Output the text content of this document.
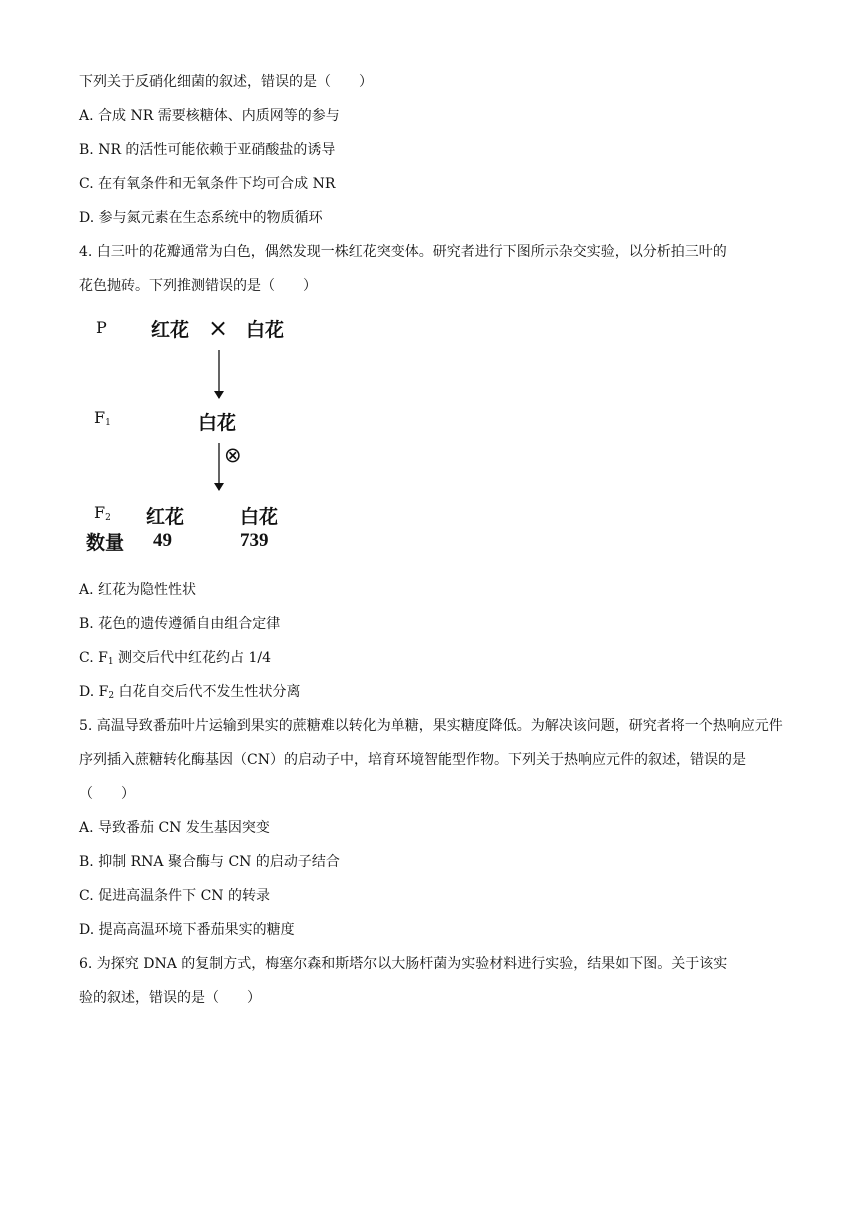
下列关于反硝化细菌的叙述，错误的是（　　）
A. 合成 NR 需要核糖体、内质网等的参与
B. NR 的活性可能依赖于亚硝酸盐的诱导
C. 在有氧条件和无氧条件下均可合成 NR
D. 参与氮元素在生态系统中的物质循环
4. 白三叶的花瓣通常为白色，偶然发现一株红花突变体。研究者进行下图所示杂交实验，以分析拍三叶的
花色抛砖。下列推测错误的是（　　）
P 红花 × 白花
$F_1$	白花
⊗
$F_2$ 红花	白花
数量 49	739
A. 红花为隐性性状
B. 花色的遗传遵循自由组合定律
C. $F_1$ 测交后代中红花约占 1/4
D. $F_2$ 白花自交后代不发生性状分离
5. 高温导致番茄叶片运输到果实的蔗糖难以转化为单糖，果实糖度降低。为解决该问题，研究者将一个热响应元件序列插入蔗糖转化酶基因（CN）的启动子中，培育环境智能型作物。下列关于热响应元件的叙述，错误的是（　　）
A. 导致番茄 CN 发生基因突变
B. 抑制 RNA 聚合酶与 CN 的启动子结合
C. 促进高温条件下 CN 的转录
D. 提高高温环境下番茄果实的糖度
6. 为探究 DNA 的复制方式，梅塞尔森和斯塔尔以大肠杆菌为实验材料进行实验，结果如下图。关于该实
验的叙述，错误的是（　　）
